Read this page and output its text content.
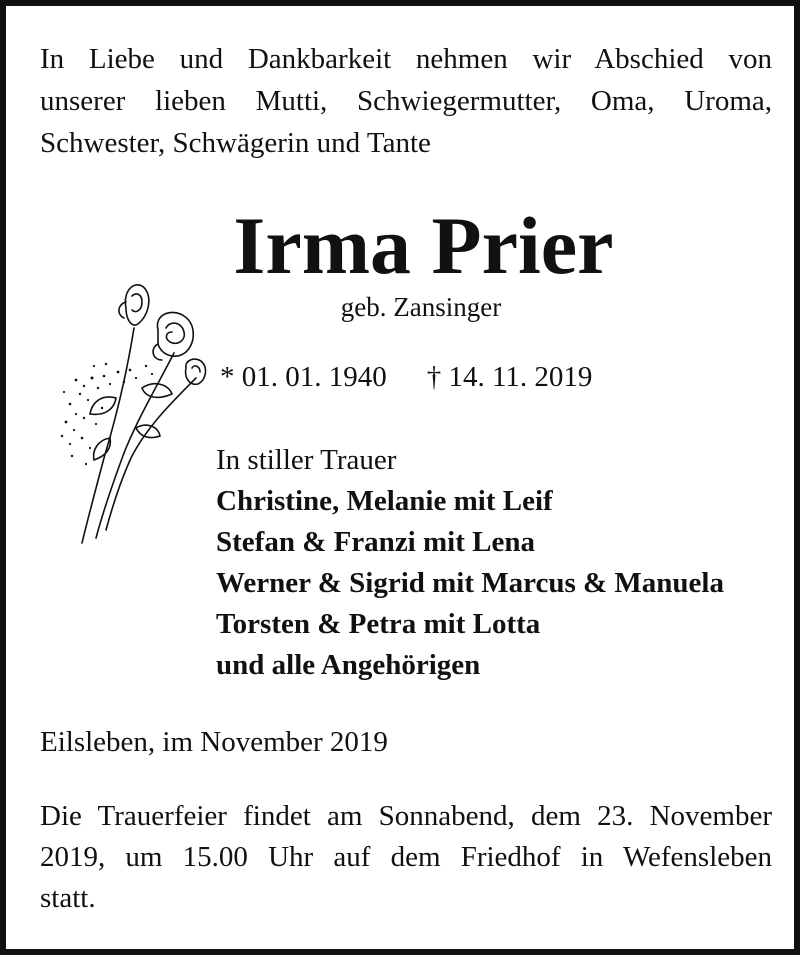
In Liebe und Dankbarkeit nehmen wir Abschied von
unserer lieben Mutti, Schwiegermutter, Oma, Uroma,
Schwester, Schwägerin und Tante
Irma Prier
geb. Zansinger
* 01. 01. 1940 † 14. 11. 2019
In stiller Trauer
Christine, Melanie mit Leif
Stefan & Franzi mit Lena
Werner & Sigrid mit Marcus & Manuela
Torsten & Petra mit Lotta
und alle Angehörigen
Eilsleben, im November 2019
Die Trauerfeier findet am Sonnabend, dem 23. November
2019, um 15.00 Uhr auf dem Friedhof in Wefensleben
statt.
